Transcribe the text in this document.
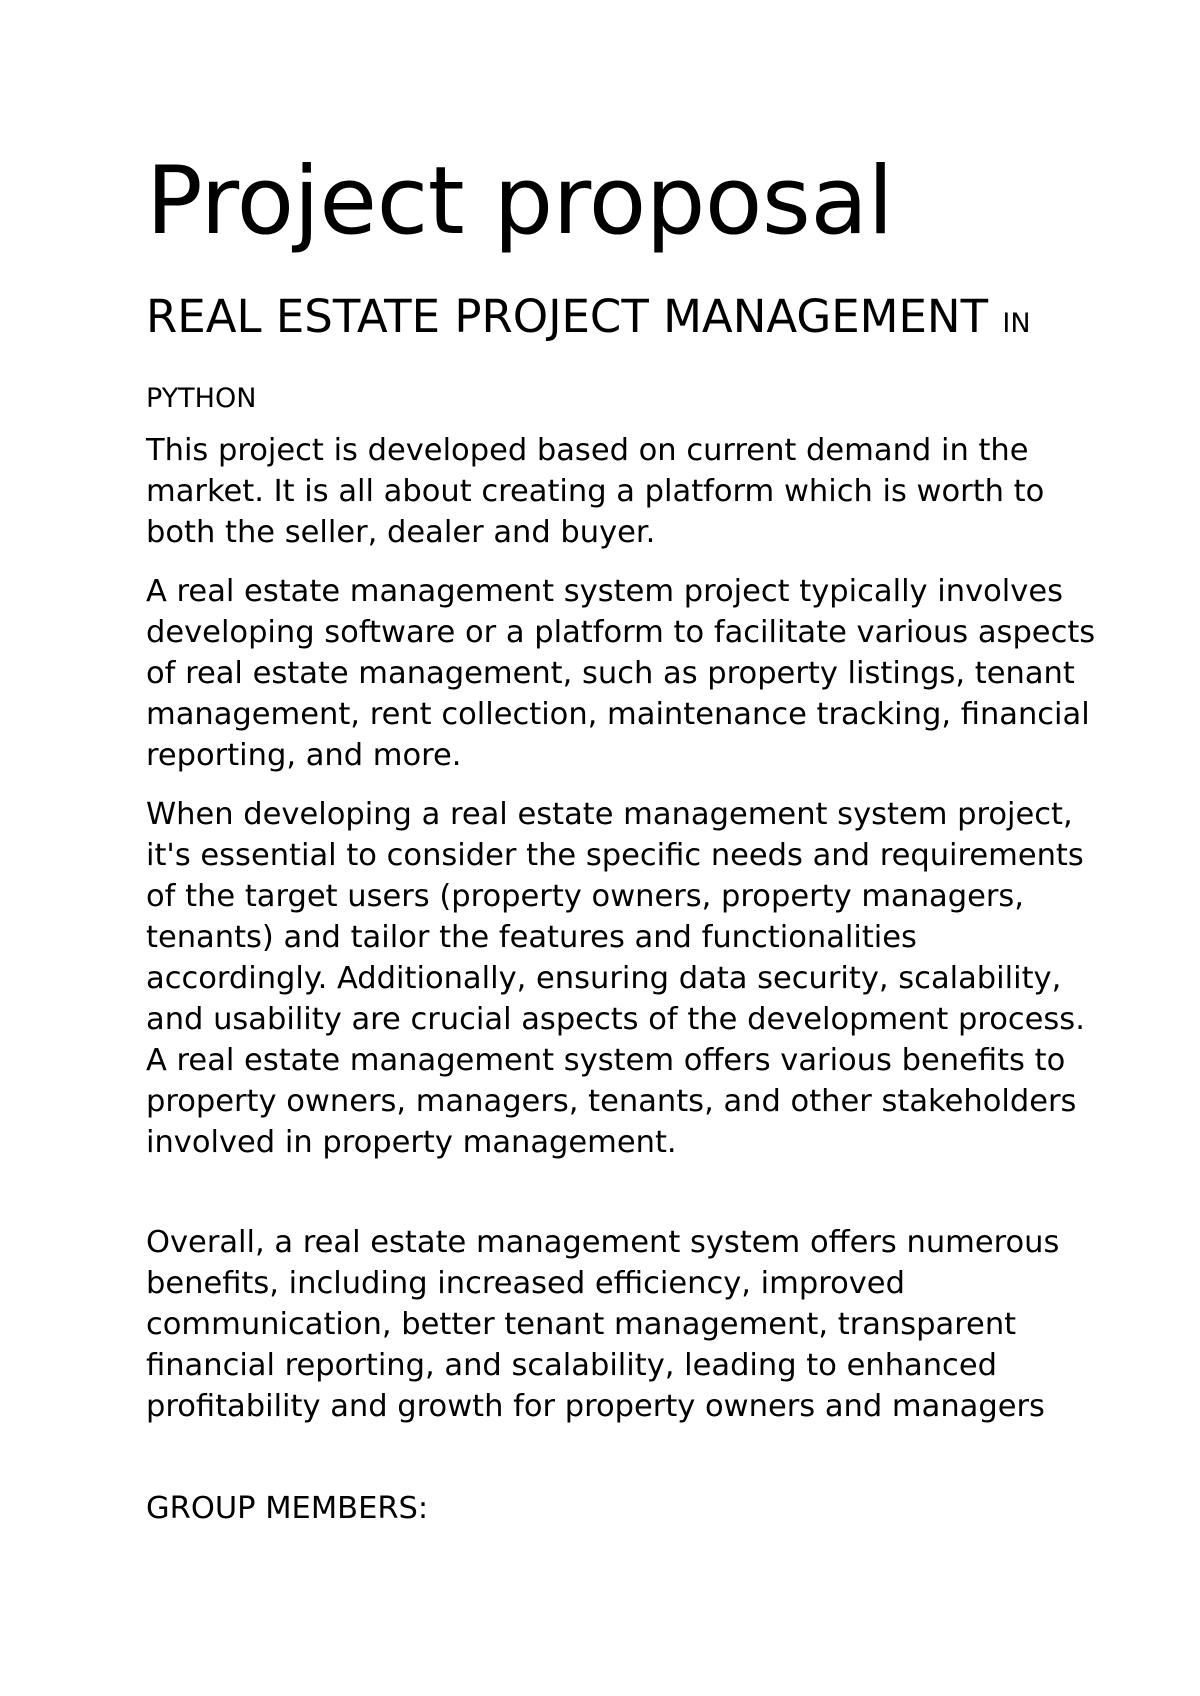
Project proposal
REAL ESTATE PROJECT MANAGEMENT IN PYTHON

This project is developed based on current demand in the market. It is all about creating a platform which is worth to both the seller, dealer and buyer.

A real estate management system project typically involves developing software or a platform to facilitate various aspects of real estate management, such as property listings, tenant management, rent collection, maintenance tracking, financial reporting, and more.

When developing a real estate management system project, it's essential to consider the specific needs and requirements of the target users (property owners, property managers, tenants) and tailor the features and functionalities accordingly. Additionally, ensuring data security, scalability, and usability are crucial aspects of the development process. A real estate management system offers various benefits to property owners, managers, tenants, and other stakeholders involved in property management.

Overall, a real estate management system offers numerous benefits, including increased efficiency, improved communication, better tenant management, transparent financial reporting, and scalability, leading to enhanced profitability and growth for property owners and managers

GROUP MEMBERS:
